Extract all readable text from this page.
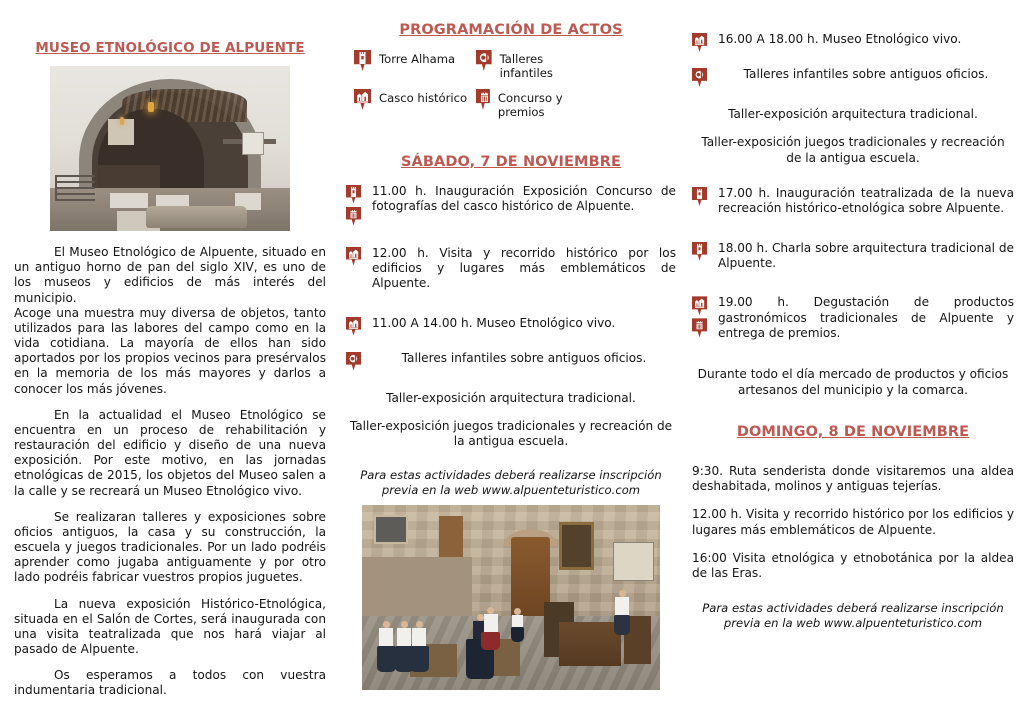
MUSEO ETNOLÓGICO DE ALPUENTE

El Museo Etnológico de Alpuente, situado en un antiguo horno de pan del siglo XIV, es uno de los museos y edificios de más interés del municipio.

Acoge una muestra muy diversa de objetos, tanto utilizados para las labores del campo como en la vida cotidiana. La mayoría de ellos han sido aportados por los propios vecinos para presérvalos en la memoria de los más mayores y darlos a conocer los más jóvenes.

En la actualidad el Museo Etnológico se encuentra en un proceso de rehabilitación y restauración del edificio y diseño de una nueva exposición. Por este motivo, en las jornadas etnológicas de 2015, los objetos del Museo salen a la calle y se recreará un Museo Etnológico vivo.

Se realizaran talleres y exposiciones sobre oficios antiguos, la casa y su construcción, la escuela y juegos tradicionales. Por un lado podréis aprender como jugaba antiguamente y por otro lado podréis fabricar vuestros propios juguetes.

La nueva exposición Histórico-Etnológica, situada en el Salón de Cortes, será inaugurada con una visita teatralizada que nos hará viajar al pasado de Alpuente.

Os esperamos a todos con vuestra indumentaria tradicional.

PROGRAMACIÓN DE ACTOS
Torre Alhama	Talleres infantiles
Casco histórico	Concurso y premios
SÁBADO, 7 DE NOVIEMBRE
11.00 h. Inauguración Exposición Concurso de fotografías del casco histórico de Alpuente.
12.00 h. Visita y recorrido histórico por los edificios y lugares más emblemáticos de Alpuente.
11.00 A 14.00 h. Museo Etnológico vivo.
Talleres infantiles sobre antiguos oficios.

Taller-exposición arquitectura tradicional.

Taller-exposición juegos tradicionales y recreación de la antigua escuela.

Para estas actividades deberá realizarse inscripción previa en la web www.alpuenteturistico.com

16.00 A 18.00 h. Museo Etnológico vivo.
Talleres infantiles sobre antiguos oficios.

Taller-exposición arquitectura tradicional.

Taller-exposición juegos tradicionales y recreación de la antigua escuela.

17.00 h. Inauguración teatralizada de la nueva recreación histórico-etnológica sobre Alpuente.
18.00 h. Charla sobre arquitectura tradicional de Alpuente.
19.00 h. Degustación de productos gastronómicos tradicionales de Alpuente y entrega de premios.

Durante todo el día mercado de productos y oficios artesanos del municipio y la comarca.

DOMINGO, 8 DE NOVIEMBRE

9:30. Ruta senderista donde visitaremos una aldea deshabitada, molinos y antiguas tejerías.

12.00 h. Visita y recorrido histórico por los edificios y lugares más emblemáticos de Alpuente.

16:00 Visita etnológica y etnobotánica por la aldea de las Eras.

Para estas actividades deberá realizarse inscripción previa en la web www.alpuenteturistico.com
